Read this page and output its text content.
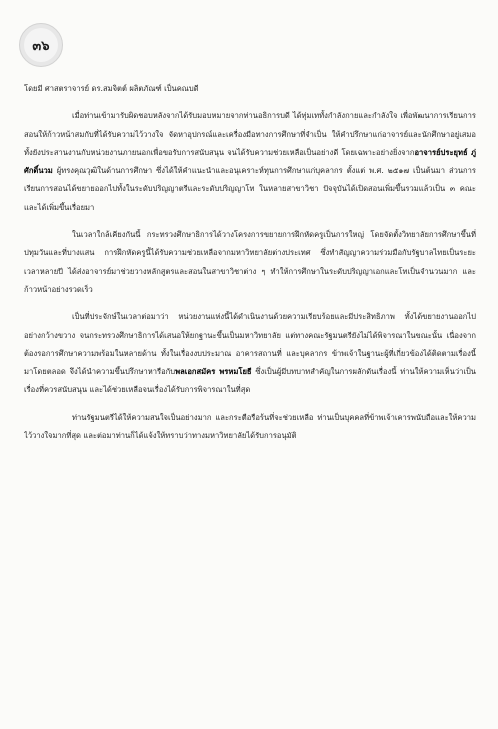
๓๖

โดยมี ศาสตราจารย์ ดร.สมจิตต์ ผลิตภัณฑ์ เป็นคณบดี

เมื่อท่านเข้ามารับผิดชอบหลังจากได้รับมอบหมายจากท่านอธิการบดี ได้ทุ่มเททั้งกำลังกายและกำลังใจ เพื่อพัฒนาการเรียนการสอนให้ก้าวหน้าสมกับที่ได้รับความไว้วางใจ จัดหาอุปกรณ์และเครื่องมือทางการศึกษาที่จำเป็น ให้คำปรึกษาแก่อาจารย์และนักศึกษาอยู่เสมอ ทั้งยังประสานงานกับหน่วยงานภายนอกเพื่อขอรับการสนับสนุน จนได้รับความช่วยเหลือเป็นอย่างดี โดยเฉพาะอย่างยิ่งจากอาจารย์ประยุทธ์ ภู่ศักดิ์นวม ผู้ทรงคุณวุฒิในด้านการศึกษา ซึ่งได้ให้คำแนะนำและอนุเคราะห์ทุนการศึกษาแก่บุคลากร ตั้งแต่ พ.ศ. ๒๕๑๗ เป็นต้นมา ส่วนการเรียนการสอนได้ขยายออกไปทั้งในระดับปริญญาตรีและระดับปริญญาโท ในหลายสาขาวิชา ปัจจุบันได้เปิดสอนเพิ่มขึ้นรวมแล้วเป็น ๓ คณะ และได้เพิ่มขึ้นเรื่อยมา

ในเวลาใกล้เคียงกันนี้ กระทรวงศึกษาธิการได้วางโครงการขยายการฝึกหัดครูเป็นการใหญ่ โดยจัดตั้งวิทยาลัยการศึกษาขึ้นที่ปทุมวันและที่บางแสน การฝึกหัดครูนี้ได้รับความช่วยเหลือจากมหาวิทยาลัยต่างประเทศ ซึ่งทำสัญญาความร่วมมือกับรัฐบาลไทยเป็นระยะเวลาหลายปี ได้ส่งอาจารย์มาช่วยวางหลักสูตรและสอนในสาขาวิชาต่าง ๆ ทำให้การศึกษาในระดับปริญญาเอกและโทเป็นจำนวนมาก และก้าวหน้าอย่างรวดเร็ว

เป็นที่ประจักษ์ในเวลาต่อมาว่า หน่วยงานแห่งนี้ได้ดำเนินงานด้วยความเรียบร้อยและมีประสิทธิภาพ ทั้งได้ขยายงานออกไปอย่างกว้างขวาง จนกระทรวงศึกษาธิการได้เสนอให้ยกฐานะขึ้นเป็นมหาวิทยาลัย แต่ทางคณะรัฐมนตรียังไม่ได้พิจารณาในขณะนั้น เนื่องจากต้องรอการศึกษาความพร้อมในหลายด้าน ทั้งในเรื่องงบประมาณ อาคารสถานที่ และบุคลากร ข้าพเจ้าในฐานะผู้ที่เกี่ยวข้องได้ติดตามเรื่องนี้มาโดยตลอด จึงได้นำความขึ้นปรึกษาหารือกับพลเอกสมัคร พรหมโยธี ซึ่งเป็นผู้มีบทบาทสำคัญในการผลักดันเรื่องนี้ ท่านให้ความเห็นว่าเป็นเรื่องที่ควรสนับสนุน และได้ช่วยเหลือจนเรื่องได้รับการพิจารณาในที่สุด

ท่านรัฐมนตรีได้ให้ความสนใจเป็นอย่างมาก และกระตือรือร้นที่จะช่วยเหลือ ท่านเป็นบุคคลที่ข้าพเจ้าเคารพนับถือและให้ความไว้วางใจมากที่สุด และต่อมาท่านก็ได้แจ้งให้ทราบว่าทางมหาวิทยาลัยได้รับการอนุมัติ
